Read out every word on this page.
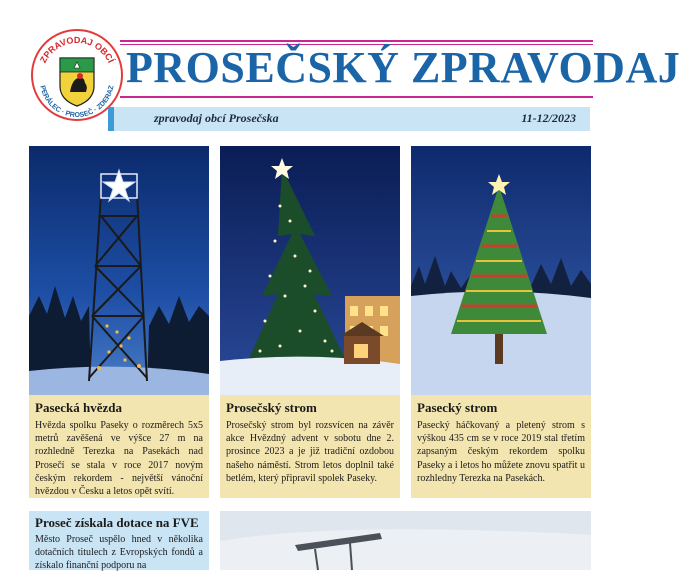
ZPRAVODAJ OBCÍ
PERÁLEC · PROSEČ · ZDERAZ PROSEČSKÝ ZPRAVODAJ
zpravodaj obcí Prosečska	11-12/2023
Pasecká hvězda
Hvězda spolku Paseky o rozměrech 5x5 metrů zavěšená ve výšce 27 m na rozhledně Terezka na Pasekách nad Prosečí se stala v roce 2017 novým českým rekordem - největší vánoční hvězdou v Česku a letos opět svítí.
Prosečský strom
Prosečský strom byl rozsvícen na závěr akce Hvězdný advent v sobotu dne 2. prosince 2023 a je již tradiční ozdobou našeho náměstí. Strom letos doplnil také betlém, který připravil spolek Paseky.
Pasecký strom
Pasecký háčkovaný a pletený strom s výškou 435 cm se v roce 2019 stal třetím zapsaným českým rekordem spolku Paseky a i letos ho můžete znovu spatřit u rozhledny Terezka na Pasekách.
Proseč získala dotace na FVE
Město Proseč uspělo hned v několika dotačních titulech z Evropských fondů a získalo finanční podporu na
